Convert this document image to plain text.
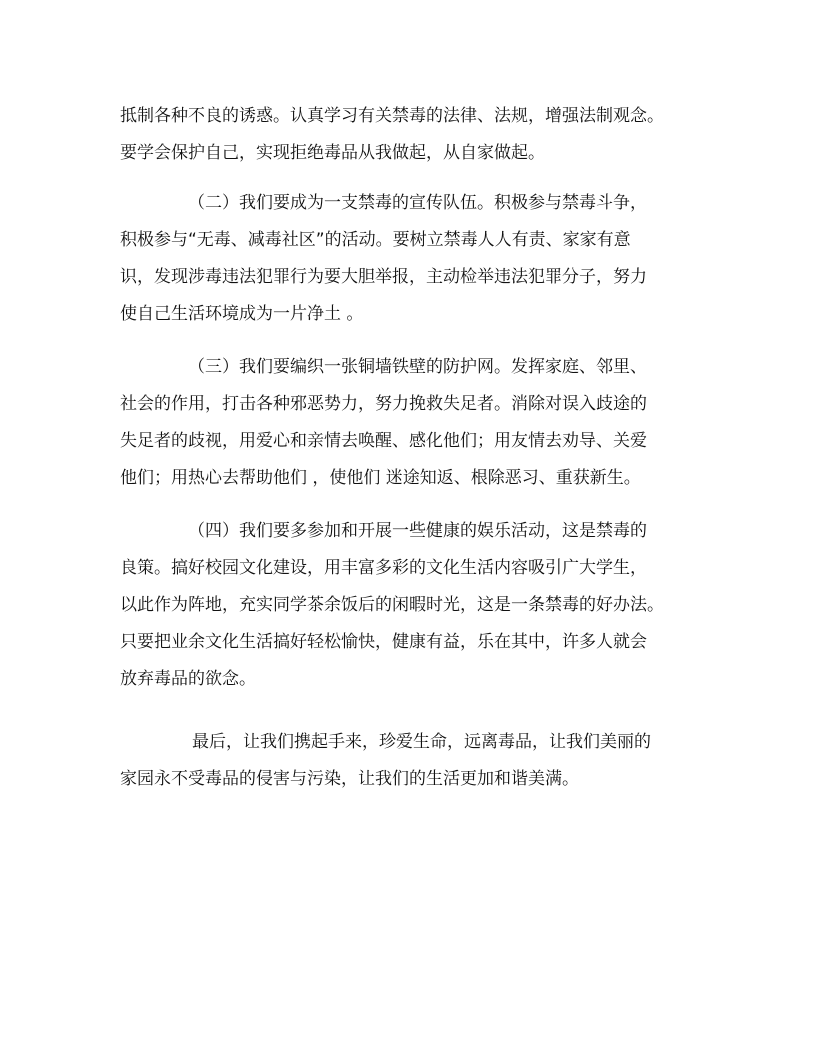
抵制各种不良的诱惑。认真学习有关禁毒的法律、法规，增强法制观念。
要学会保护自己，实现拒绝毒品从我做起，从自家做起。
（二）我们要成为一支禁毒的宣传队伍。积极参与禁毒斗争，
积极参与“无毒、减毒社区”的活动。要树立禁毒人人有责、家家有意
识，发现涉毒违法犯罪行为要大胆举报，主动检举违法犯罪分子，努力
使自己生活环境成为一片净土 。
（三）我们要编织一张铜墙铁壁的防护网。发挥家庭、邻里、
社会的作用，打击各种邪恶势力，努力挽救失足者。消除对误入歧途的
失足者的歧视，用爱心和亲情去唤醒、感化他们；用友情去劝导、关爱
他们；用热心去帮助他们 ，使他们 迷途知返、根除恶习、重获新生。
（四）我们要多参加和开展一些健康的娱乐活动，这是禁毒的
良策。搞好校园文化建设，用丰富多彩的文化生活内容吸引广大学生，
以此作为阵地，充实同学茶余饭后的闲暇时光，这是一条禁毒的好办法。
只要把业余文化生活搞好轻松愉快，健康有益，乐在其中，许多人就会
放弃毒品的欲念。
最后，让我们携起手来，珍爱生命，远离毒品，让我们美丽的
家园永不受毒品的侵害与污染，让我们的生活更加和谐美满。
